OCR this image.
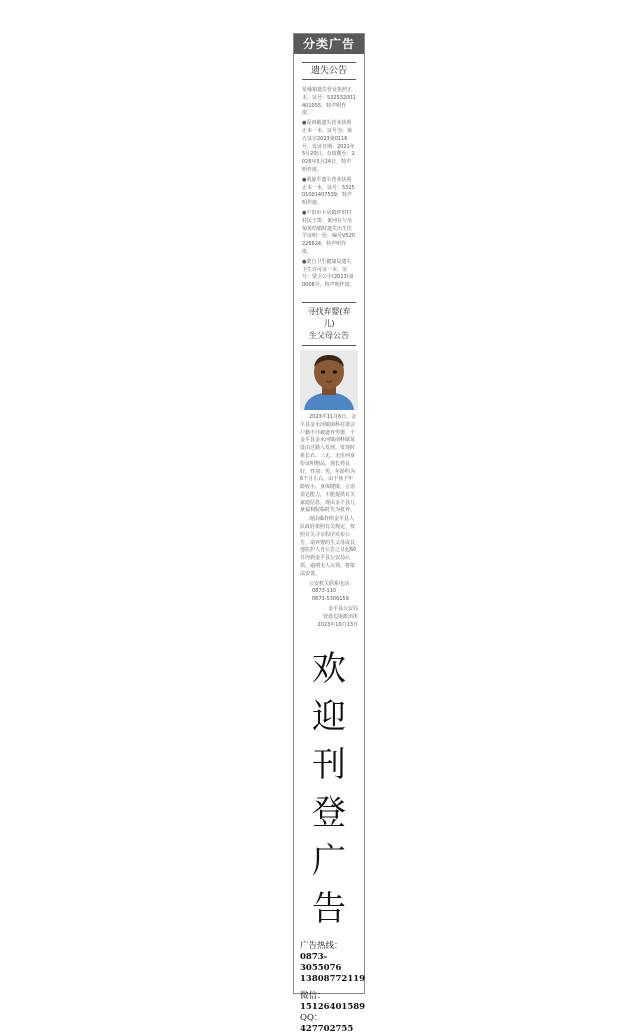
分类广告
遗失公告
星缘狼遗失营业执照正本，证号：532532001401055，特声明作废。
●爱西敏遗失营业执照正本一本，证号为：第五证字2023第0116号，发证日期：2021年5月20日，有效期至：2026年5月24日，特声明作废。
●黄旋乎遗失营业执照正本一本，证号：532501001407539，特声明作废。
●个旧市卡房镇坪田村村民王凯：黄河在与吴菊英结婚时遗失出生医学证明一份，编号V520226624，特声明作废。
●蒙自卫生健康局遗失卫生许可证一本，证号：蒙卫公字(2023)第0008号，特声明作废。
寻找弃婴(弃儿)
生父母公告

2023年11月6日，金平县金水河镇南科村委会户籍不详被遗弃男婴，于金平县金水河镇南科镇某处由过路人发现。发现时系长衣、三无、无任何身份证明物品，现长势良好，性别：男，年龄约为6个月左右，由于孩子年龄较小，身体健康，言语表达能力，不能提供有关家庭信息，现由金平县儿童福利院临时代为抚养。

现由爆炸组金平县人民政府依照有关规定，按照有关寻亲程序发布公告，请弃婴的生父母或其他监护人自公告之日起60日内到金平县公安局认领。逾期无人认领，将依法安置。

公安机关联系电话：
0873-110
0873-5306159
金平县公安局
营盘边境派出所
2023年10月13日
欢
迎
刊
登
广
告
广告热线：
0873-3055076
13808772119
微信：
15126401589
QQ：
427702755
